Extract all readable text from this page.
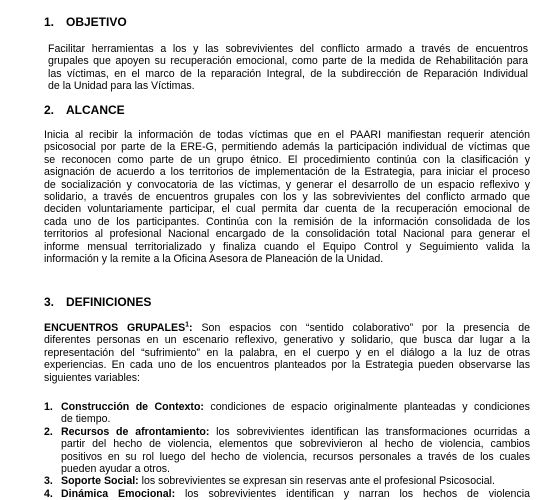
1. OBJETIVO
Facilitar herramientas a los y las sobrevivientes del conflicto armado a través de encuentros
grupales que apoyen su recuperación emocional, como parte de la medida de Rehabilitación para
las víctimas, en el marco de la reparación Integral, de la subdirección de Reparación Individual
de la Unidad para las Víctimas.
2. ALCANCE
Inicia al recibir la información de todas víctimas que en el PAARI manifiestan requerir atención
psicosocial por parte de la ERE-G, permitiendo además la participación individual de víctimas que
se reconocen como parte de un grupo étnico. El procedimiento continúa con la clasificación y
asignación de acuerdo a los territorios de implementación de la Estrategia, para iniciar el proceso
de socialización y convocatoria de las víctimas, y generar el desarrollo de un espacio reflexivo y
solidario, a través de encuentros grupales con los y las sobrevivientes del conflicto armado que
deciden voluntariamente participar, el cual permita dar cuenta de la recuperación emocional de
cada uno de los participantes. Continúa con la remisión de la información consolidada de los
territorios al profesional Nacional encargado de la consolidación total Nacional para generar el
informe mensual territorializado y finaliza cuando el Equipo Control y Seguimiento valida la
información y la remite a la Oficina Asesora de Planeación de la Unidad.
3. DEFINICIONES
ENCUENTROS GRUPALES$^1$: Son espacios con “sentido colaborativo” por la presencia de
diferentes personas en un escenario reflexivo, generativo y solidario, que busca dar lugar a la
representación del “sufrimiento” en la palabra, en el cuerpo y en el diálogo a la luz de otras
experiencias. En cada uno de los encuentros planteados por la Estrategia pueden observarse las
siguientes variables:
1. Construcción de Contexto: condiciones de espacio originalmente planteadas y condiciones
de tiempo.
2. Recursos de afrontamiento: los sobrevivientes identifican las transformaciones ocurridas a
partir del hecho de violencia, elementos que sobrevivieron al hecho de violencia, cambios
positivos en su rol luego del hecho de violencia, recursos personales a través de los cuales
pueden ayudar a otros.
3. Soporte Social: los sobrevivientes se expresan sin reservas ante el profesional Psicosocial.
4. Dinámica Emocional: los sobrevivientes identifican y narran los hechos de violencia
